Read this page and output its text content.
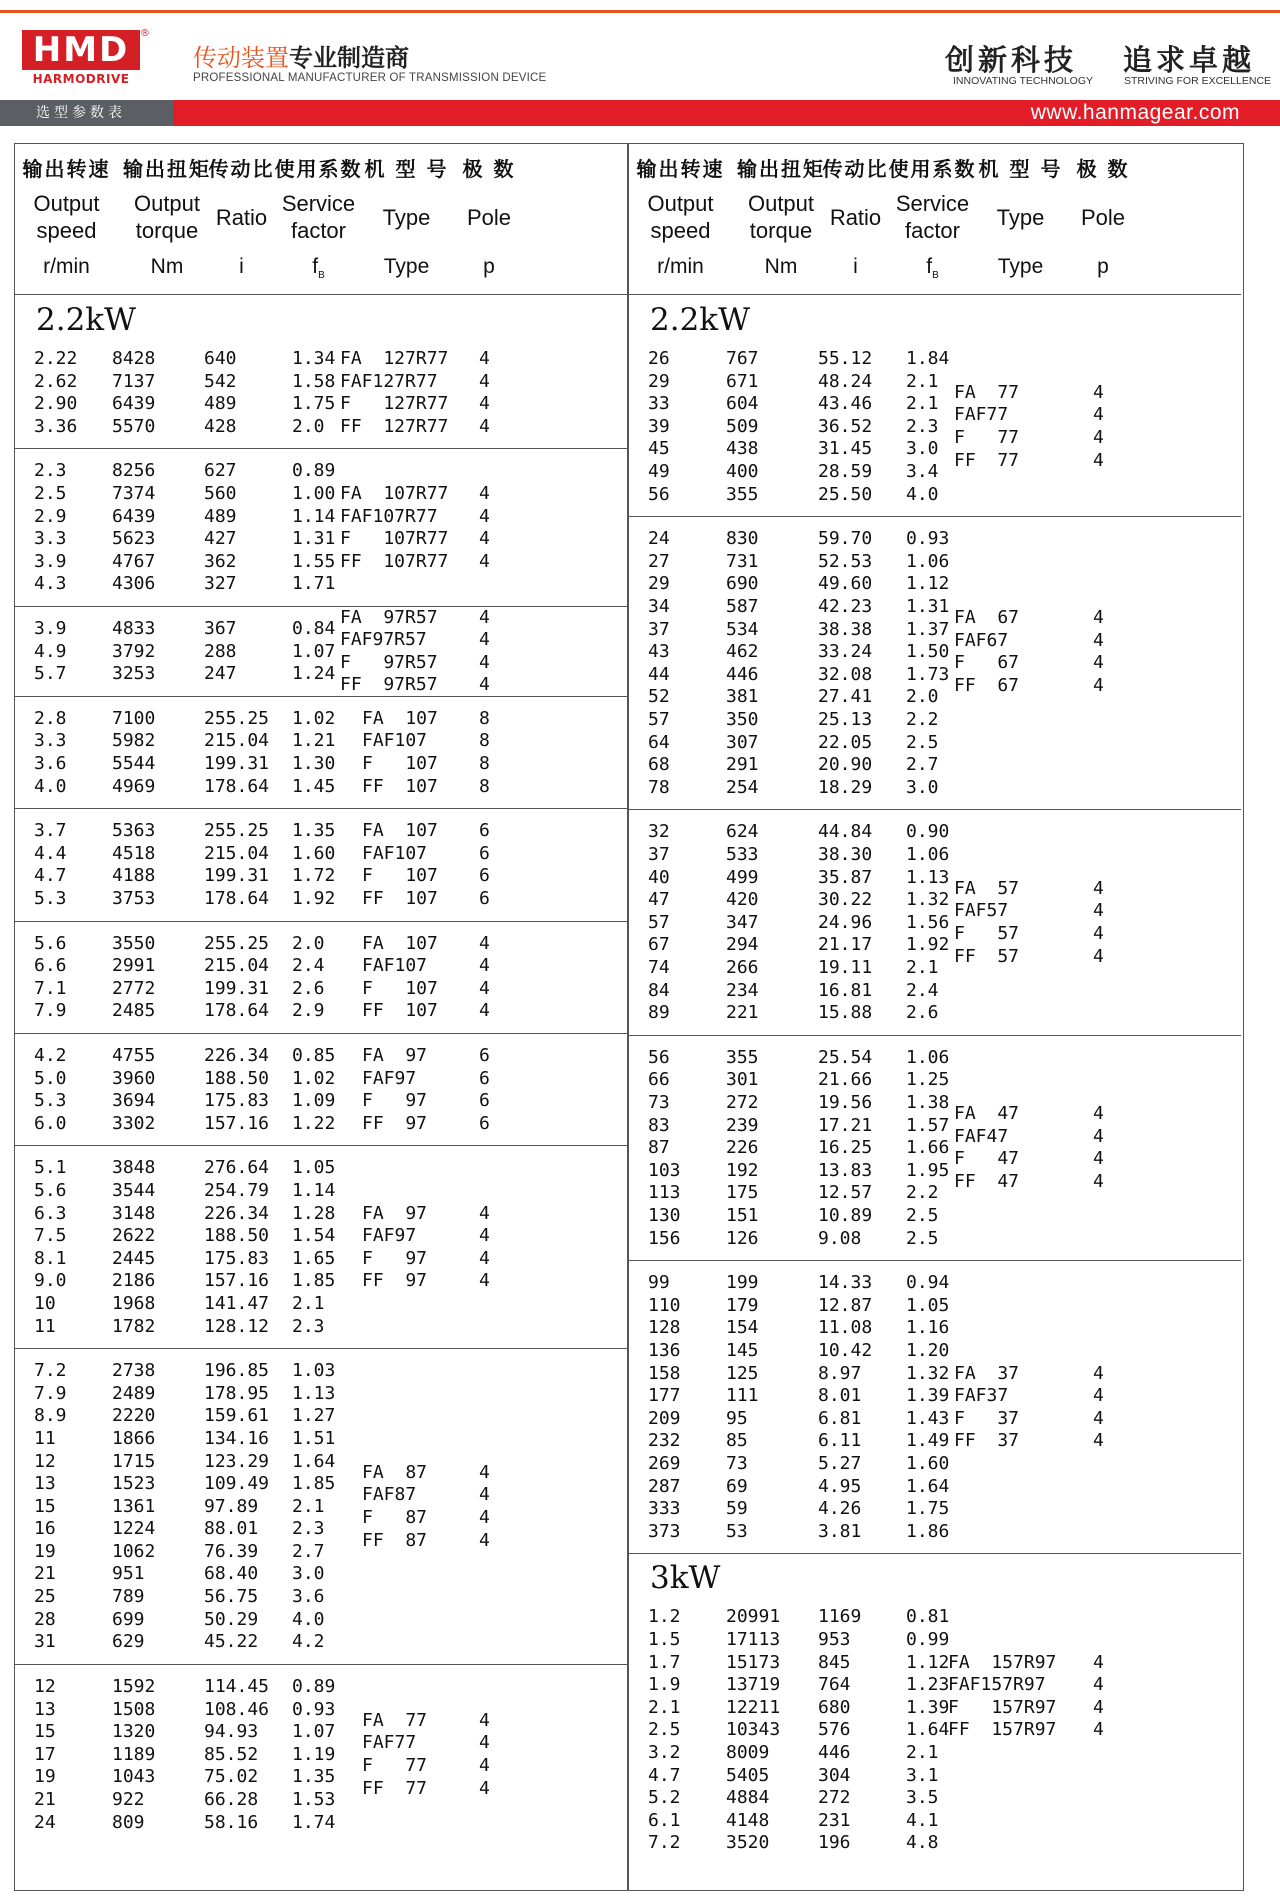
HMD	®
HARMODRIVE
传动装置专业制造商
PROFESSIONAL MANUFACTURER OF TRANSMISSION DEVICE
创新科技
INNOVATING TECHNOLOGY
追求卓越
STRIVING FOR EXCELLENCE
选型参数表	www.hanmagear.com
输出转速 输出扭矩
传动比 使用系数 机 型 号 极 数
Output
speed
Output
torque
Ratio
Service
factor
Type Pole
r/min	Nm	i	$f_B$	Type	p
2.2kW
2.22 8428	640	1.34
2.62 7137	542	1.58
2.90 6439	489	1.75
3.36 5570	428	2.0
FA  127R77 4
FAF127R77 4
F   127R77 4
FF  127R77 4
2.3	8256	627	0.89
2.5	7374	560	1.00
2.9	6439	489	1.14
3.3	5623	427	1.31
3.9	4767	362	1.55
4.3	4306	327	1.71
FA  107R77 4
FAF107R77 4
F   107R77 4
FF  107R77 4
3.9	4833	367	0.84
4.9	3792	288	1.07
5.7	3253	247	1.24
FA  97R57 4
FAF97R57	4
F   97R57 4
FF  97R57 4
2.8	7100	255.25 1.02
3.3	5982	215.04 1.21
3.6	5544	199.31 1.30
4.0	4969	178.64 1.45
FA  107 8
FAF107	8
F   107 8
FF  107 8
3.7	5363	255.25 1.35
4.4	4518	215.04 1.60
4.7	4188	199.31 1.72
5.3	3753	178.64 1.92
FA  107 6
FAF107	6
F   107 6
FF  107 6
5.6	3550	255.25 2.0
6.6	2991	215.04 2.4
7.1	2772	199.31 2.6
7.9	2485	178.64 2.9
FA  107 4
FAF107	4
F   107 4
FF  107 4
4.2	4755	226.34 0.85
5.0	3960	188.50 1.02
5.3	3694	175.83 1.09
6.0	3302	157.16 1.22
FA  97	6
FAF97	6
F   97	6
FF  97	6
5.1	3848	276.64 1.05
5.6	3544	254.79 1.14
6.3	3148	226.34 1.28
7.5	2622	188.50 1.54
8.1	2445	175.83 1.65
9.0	2186	157.16 1.85
10	1968	141.47 2.1
11	1782	128.12 2.3
FA  97	4
FAF97	4
F   97	4
FF  97	4
7.2	2738	196.85 1.03
7.9	2489	178.95 1.13
8.9	2220	159.61 1.27
11	1866	134.16 1.51
12	1715	123.29 1.64
13	1523	109.49 1.85
15	1361	97.89 2.1
16	1224	88.01 2.3
19	1062	76.39 2.7
21	951	68.40 3.0
25	789	56.75 3.6
28	699	50.29 4.0
31	629	45.22 4.2
FA  87	4
FAF87	4
F   87	4
FF  87	4
12	1592	114.45 0.89
13	1508	108.46 0.93
15	1320	94.93 1.07
17	1189	85.52 1.19
19	1043	75.02 1.35
21	922	66.28 1.53
24	809	58.16 1.74
FA  77	4
FAF77	4
F   77	4
FF  77	4
输出转速 输出扭矩
传动比 使用系数 机 型 号 极 数
Output
speed
Output
torque
Ratio
Service
factor
Type Pole
r/min	Nm	i	$f_B$	Type	p
2.2kW
26	767	55.12 1.84
29	671	48.24 2.1
33	604	43.46 2.1
39	509	36.52 2.3
45	438	31.45 3.0
49	400	28.59 3.4
56	355	25.50 4.0
FA  77	4
FAF77	4
F   77	4
FF  77	4
24	830	59.70 0.93
27	731	52.53 1.06
29	690	49.60 1.12
34	587	42.23 1.31
37	534	38.38 1.37
43	462	33.24 1.50
44	446	32.08 1.73
52	381	27.41 2.0
57	350	25.13 2.2
64	307	22.05 2.5
68	291	20.90 2.7
78	254	18.29 3.0
FA  67	4
FAF67	4
F   67	4
FF  67	4
32	624	44.84 0.90
37	533	38.30 1.06
40	499	35.87 1.13
47	420	30.22 1.32
57	347	24.96 1.56
67	294	21.17 1.92
74	266	19.11 2.1
84	234	16.81 2.4
89	221	15.88 2.6
FA  57	4
FAF57	4
F   57	4
FF  57	4
56	355	25.54 1.06
66	301	21.66 1.25
73	272	19.56 1.38
83	239	17.21 1.57
87	226	16.25 1.66
103	192	13.83 1.95
113	175	12.57 2.2
130	151	10.89 2.5
156	126	9.08 2.5
FA  47	4
FAF47	4
F   47	4
FF  47	4
99	199	14.33 0.94
110	179	12.87 1.05
128	154	11.08 1.16
136	145	10.42 1.20
158	125	8.97 1.32
177	111	8.01 1.39
209	95	6.81 1.43
232	85	6.11 1.49
269	73	5.27 1.60
287	69	4.95 1.64
333	59	4.26 1.75
373	53	3.81 1.86
FA  37	4
FAF37	4
F   37	4
FF  37	4
3kW
1.2	20991 1169 0.81
1.5	17113 953	0.99
1.7	15173 845	1.12
1.9	13719 764	1.23
2.1	12211 680	1.39
2.5	10343 576	1.64
3.2	8009	446	2.1
4.7	5405	304	3.1
5.2	4884	272	3.5
6.1	4148	231	4.1
7.2	3520	196	4.8
FA  157R97 4
FAF157R97	4
F   157R97 4
FF  157R97 4
